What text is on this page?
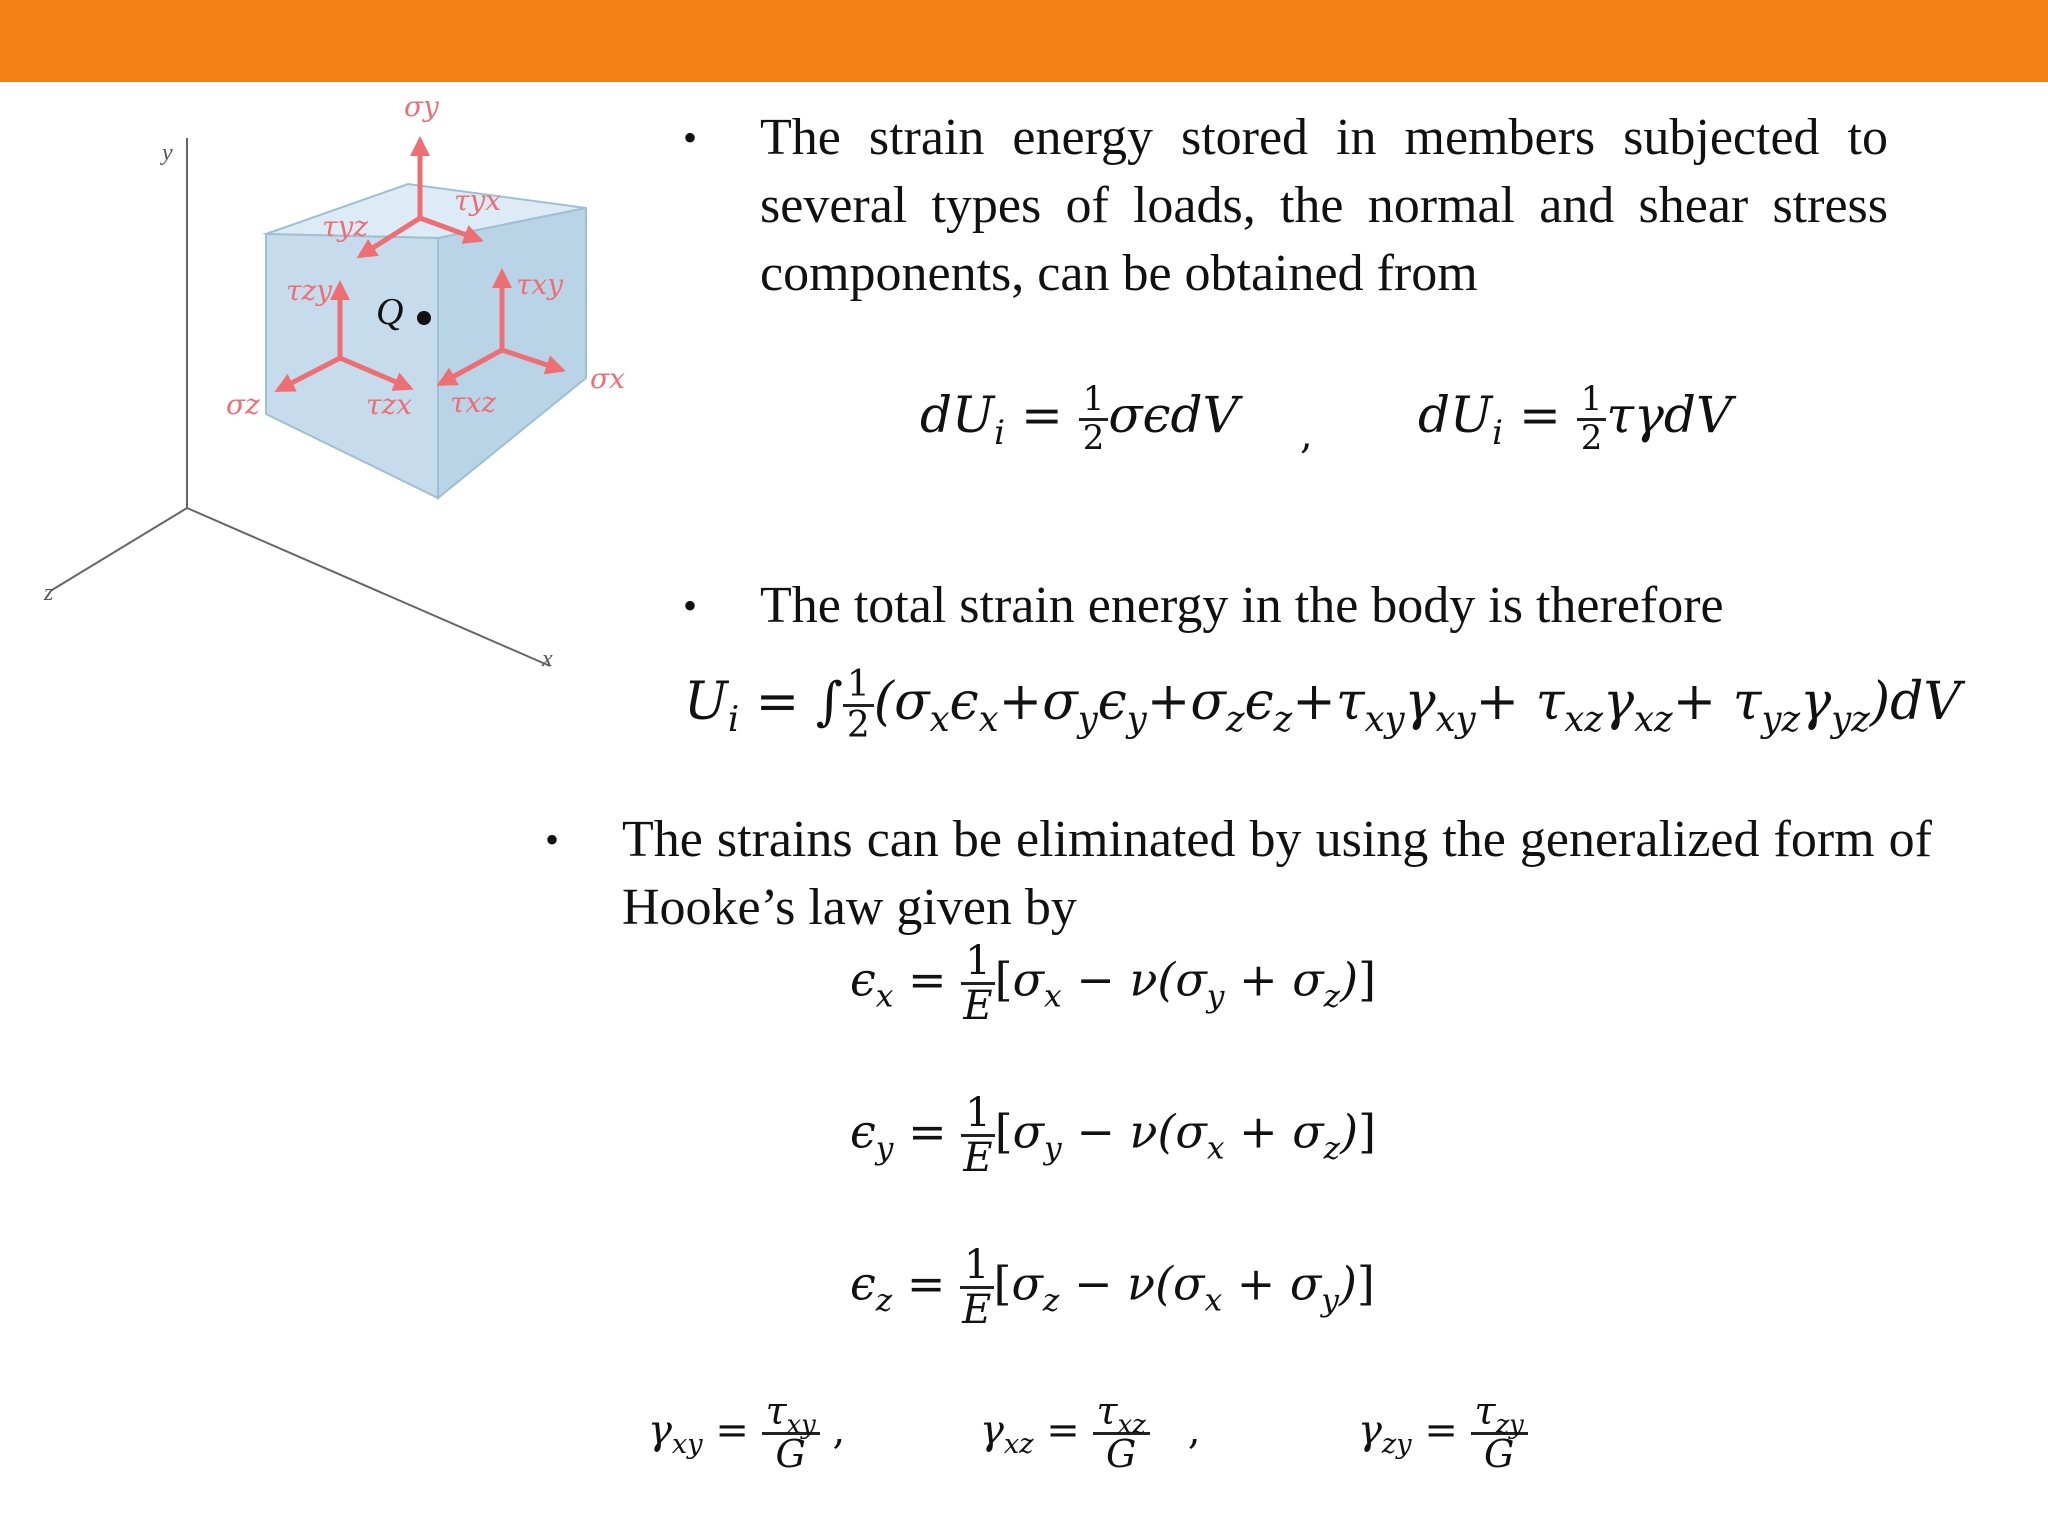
y
z
x
σy
τyx
τyz
τzy	τxy
σz	τzx τxz
σx
Q
• The strain energy stored in members subjected to several types of loads, the normal and shear stress components, can be obtained from
$dU_i = \frac{1}{2}$ σϵdV , $dU_i = \frac{1}{2}$ τγdV
• The total strain energy in the body is therefore
$U_i$ = ∫ $\frac{1}{2} (\sigma_x\epsilon_x+\sigma_y\epsilon_y+\sigma_z\epsilon_z+\tau_{xy}\gamma_{xy}+ \tau_{xz}\gamma_{xz}+ \tau_{yz}\gamma_{yz})dV$
• The strains can be eliminated by using the generalized form of Hooke’s law given by
$\epsilon_x = \frac{1}{E} [\sigma_x - \nu(\sigma_y + \sigma_z)]$
$\epsilon_y = \frac{1}{E} [\sigma_y - \nu(\sigma_x + \sigma_z)]$
$\epsilon_z = \frac{1}{E} [\sigma_z - \nu(\sigma_x + \sigma_y)]$
$\gamma_{xy} = \frac{\tau_{xy}}{G}$ ,	$\gamma_{xz} = \frac{\tau_{xz}}{G}$ ,	$\gamma_{zy} = \frac{\tau_{zy}}{G}$
